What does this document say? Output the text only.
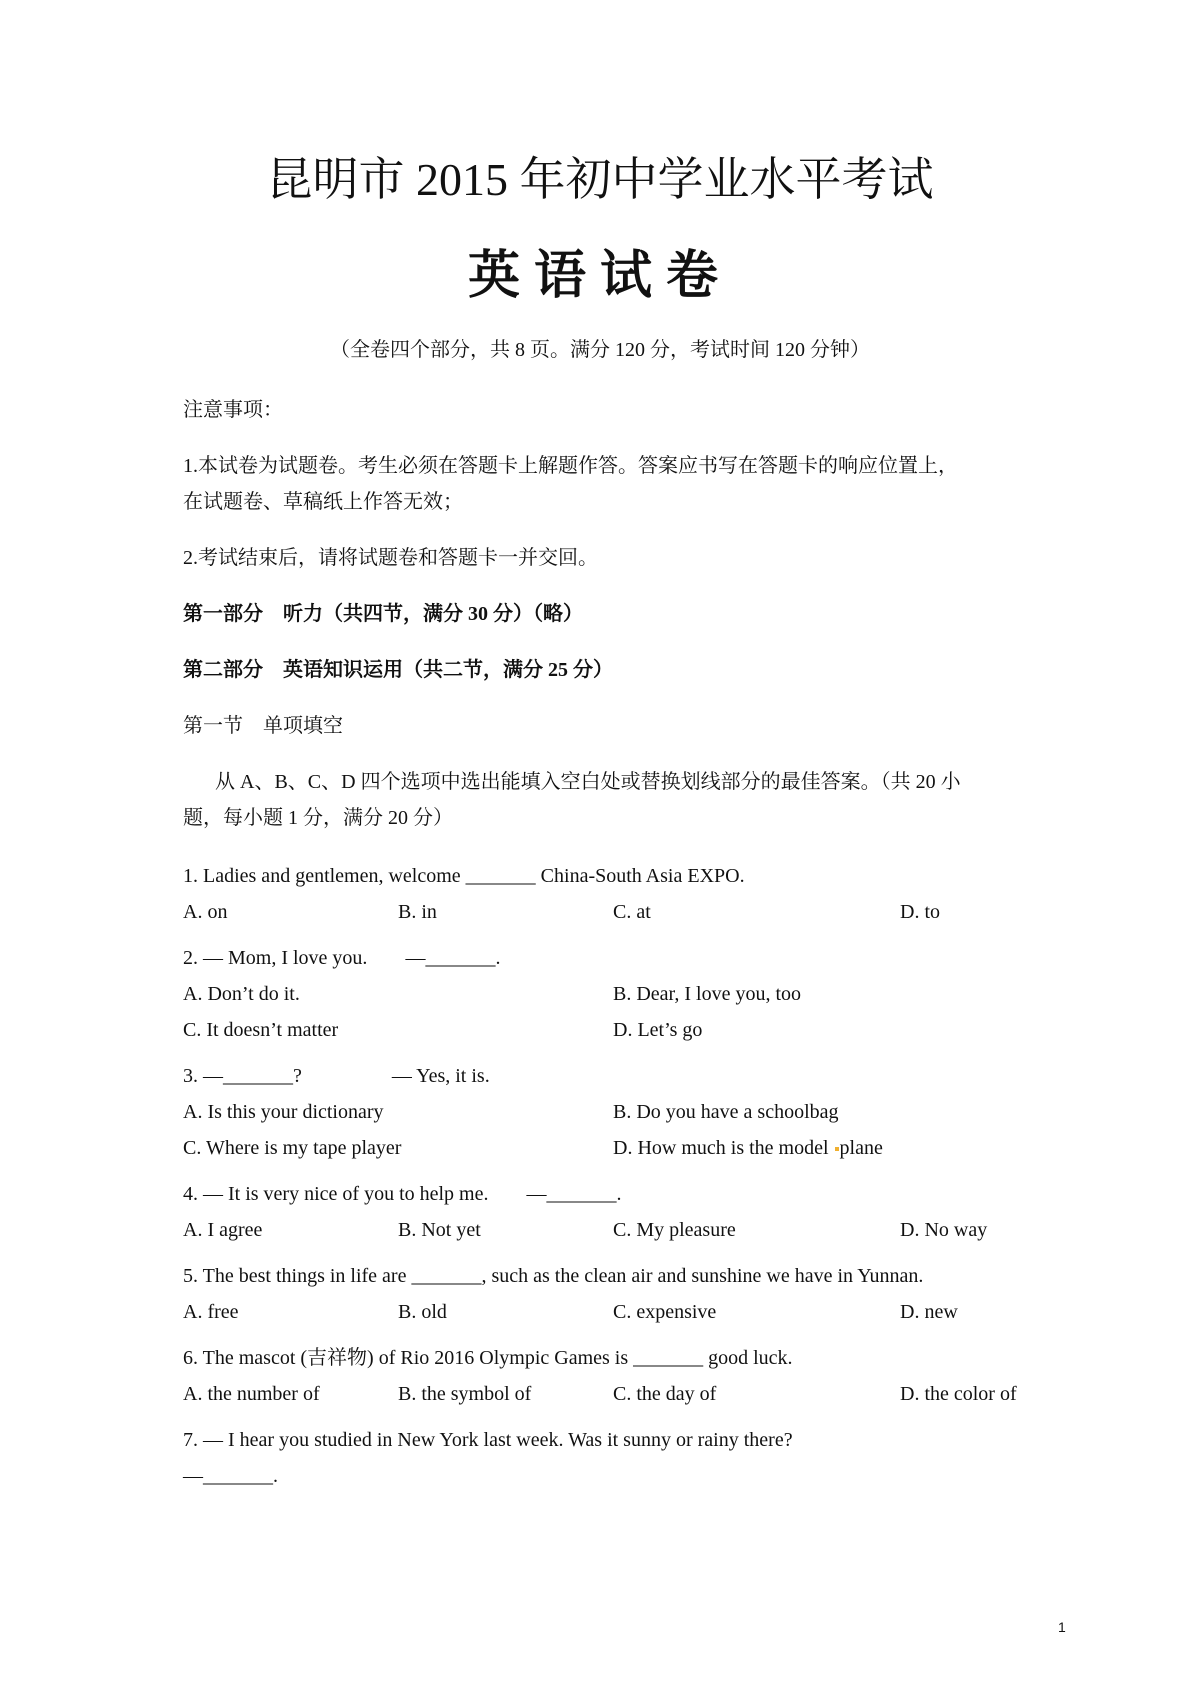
昆明市 2015 年初中学业水平考试
英语试卷
（全卷四个部分，共 8 页。满分 120 分，考试时间 120 分钟）
注意事项：
1.本试卷为试题卷。考生必须在答题卡上解题作答。答案应书写在答题卡的响应位置上，
在试题卷、草稿纸上作答无效；
2.考试结束后，请将试题卷和答题卡一并交回。
第一部分　听力（共四节，满分 30 分）（略）
第二部分　英语知识运用（共二节，满分 25 分）
第一节　单项填空
从 A、B、C、D 四个选项中选出能填入空白处或替换划线部分的最佳答案。（共 20 小
题，每小题 1 分，满分 20 分）
1. Ladies and gentlemen, welcome _______ China-South Asia EXPO.
A. on	B. in	C. at	D. to
2. — Mom, I love you. —_______.
A. Don’t do it.	B. Dear, I love you, too
C. It doesn’t matter	D. Let’s go
3. —_______?	— Yes, it is.
A. Is this your dictionary	B. Do you have a schoolbag
C. Where is my tape player	D. How much is the model plane
4. — It is very nice of you to help me. —_______.
A. I agree	B. Not yet	C. My pleasure	D. No way
5. The best things in life are _______, such as the clean air and sunshine we have in Yunnan.
A. free	B. old	C. expensive	D. new
6. The mascot (吉祥物) of Rio 2016 Olympic Games is _______ good luck.
A. the number of	B. the symbol of	C. the day of	D. the color of
7. — I hear you studied in New York last week. Was it sunny or rainy there?
—_______.
1
